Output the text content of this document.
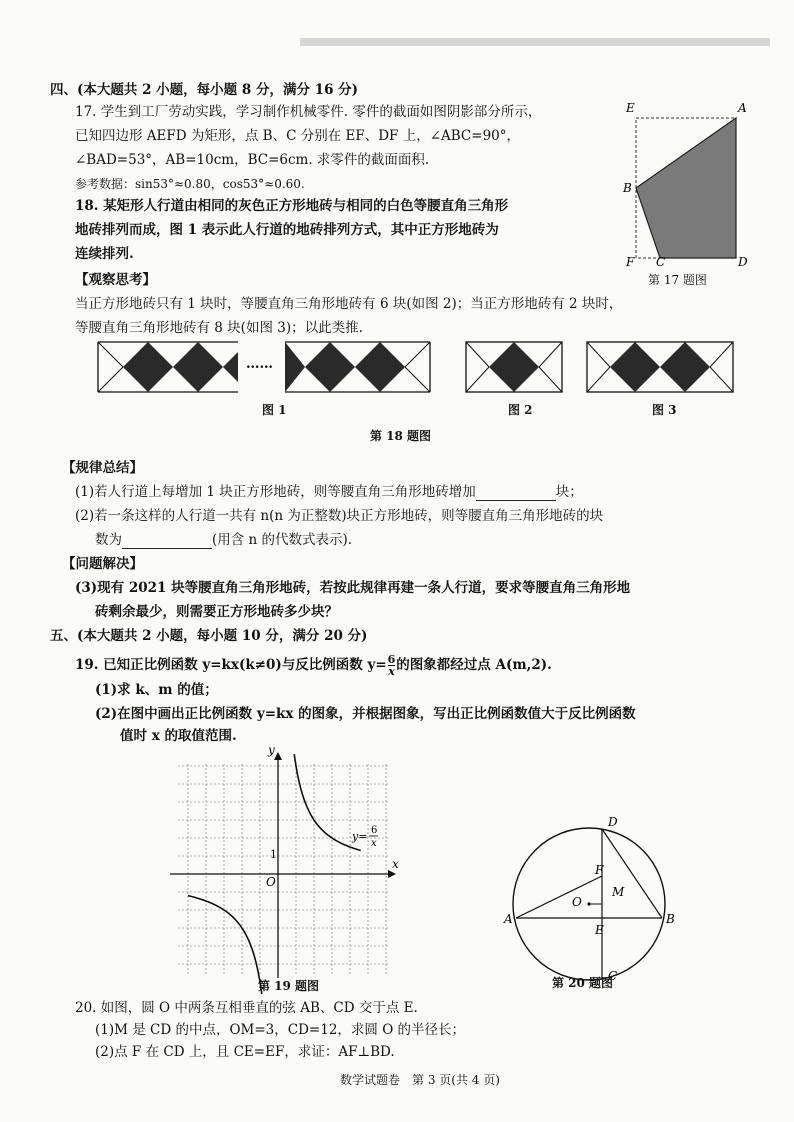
四、(本大题共 2 小题，每小题 8 分，满分 16 分)
17. 学生到工厂劳动实践，学习制作机械零件. 零件的截面如图阴影部分所示，
已知四边形 AEFD 为矩形，点 B、C 分别在 EF、DF 上，∠ABC=90°，
∠BAD=53°，AB=10cm，BC=6cm. 求零件的截面面积.
参考数据：sin53°≈0.80，cos53°≈0.60.
E	A
B
F C	D
第 17 题图
18. 某矩形人行道由相同的灰色正方形地砖与相同的白色等腰直角三角形
地砖排列而成，图 1 表示此人行道的地砖排列方式，其中正方形地砖为
连续排列.
【观察思考】
当正方形地砖只有 1 块时，等腰直角三角形地砖有 6 块(如图 2)；当正方形地砖有 2 块时，
等腰直角三角形地砖有 8 块(如图 3)；以此类推.
……
图 1	图 2	图 3
第 18 题图
【规律总结】
(1)若人行道上每增加 1 块正方形地砖，则等腰直角三角形地砖增加	块；
(2)若一条这样的人行道一共有 n(n 为正整数)块正方形地砖，则等腰直角三角形地砖的块
数为	(用含 n 的代数式表示).
【问题解决】
(3)现有 2021 块等腰直角三角形地砖，若按此规律再建一条人行道，要求等腰直角三角形地
砖剩余最少，则需要正方形地砖多少块？
五、(本大题共 2 小题，每小题 10 分，满分 20 分)
19. 已知正比例函数 y=kx(k≠0)与反比例函数 $y= \frac{6}{x}$ 的图象都经过点 A(m,2).
(1)求 k、m 的值；
(2)在图中画出正比例函数 y=kx 的图象，并根据图象，写出正比例函数值大于反比例函数
值时 x 的取值范围.
y
x
O
1
y= 6
x
第 19 题图
D
F
M
O
A
E
B
C
第 20 题图
20. 如图，圆 O 中两条互相垂直的弦 AB、CD 交于点 E.
(1)M 是 CD 的中点，OM=3，CD=12，求圆 O 的半径长；
(2)点 F 在 CD 上，且 CE=EF，求证：AF⊥BD.
数学试题卷　第 3 页(共 4 页)
